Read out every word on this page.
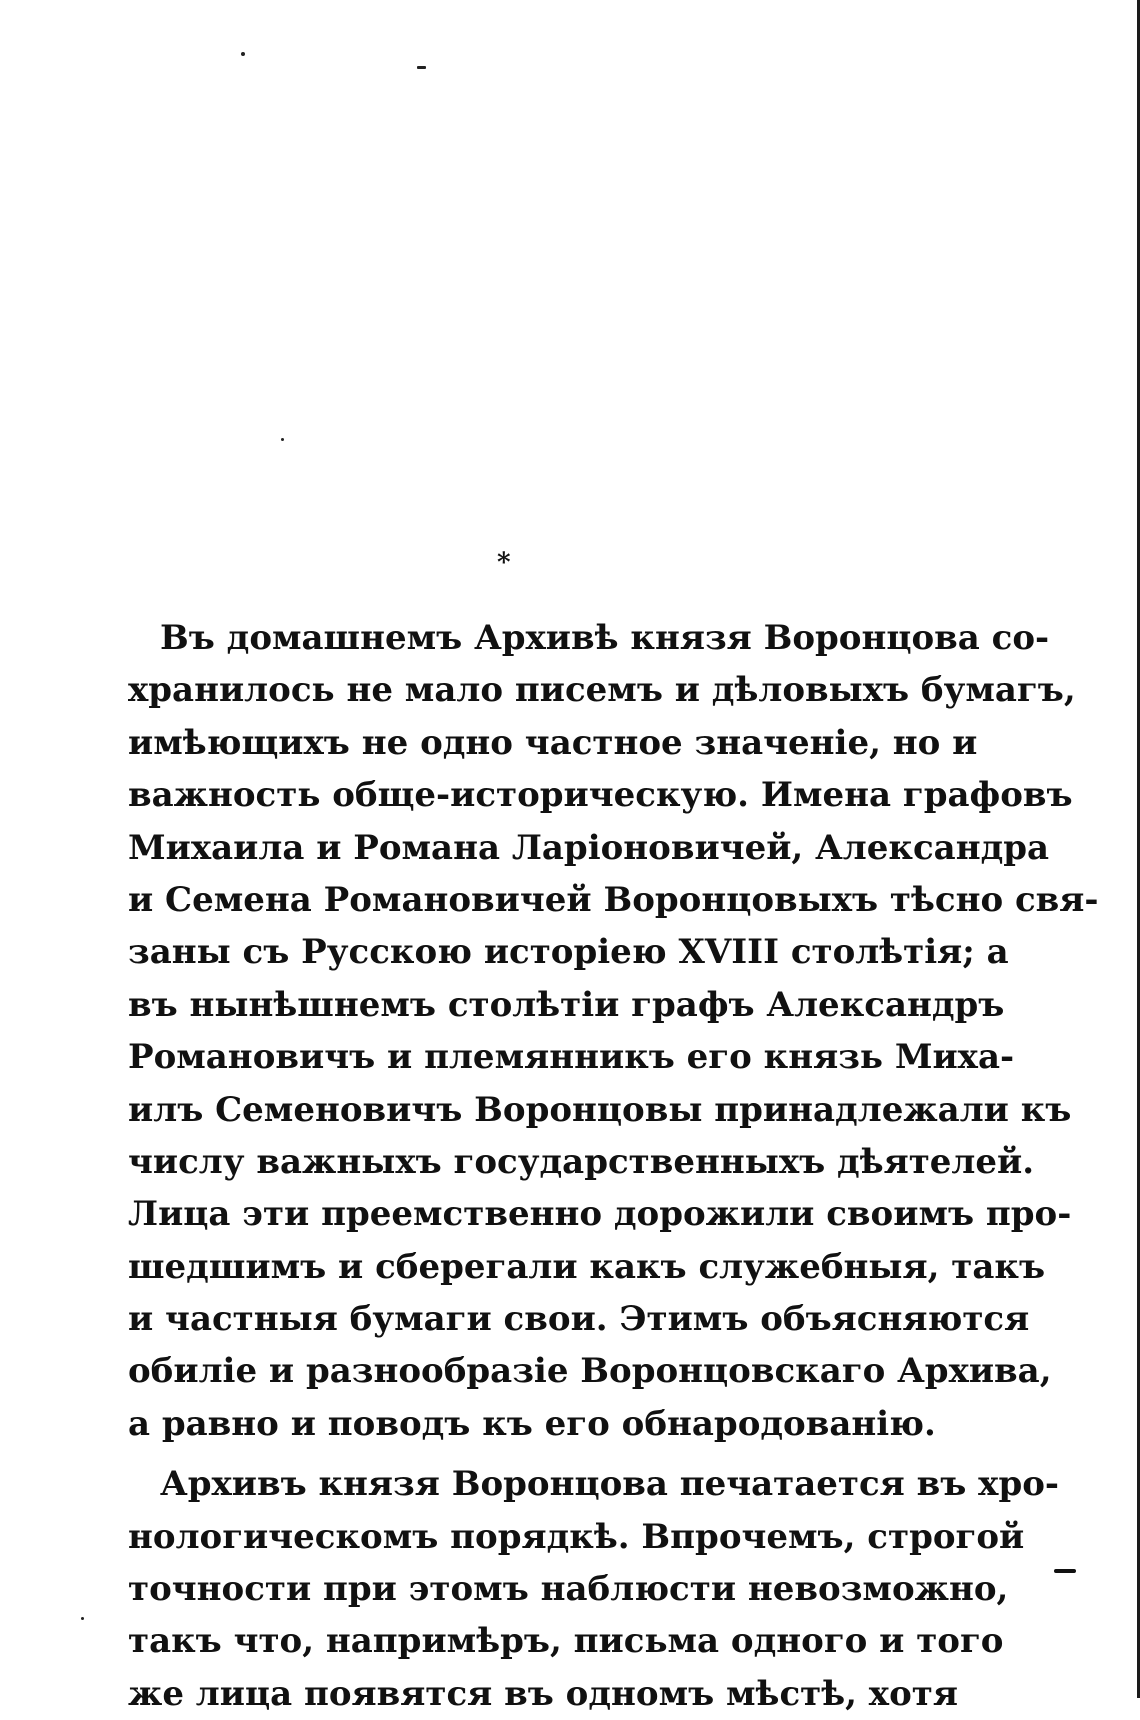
*
Въ домашнемъ Архивѣ князя Воронцова со-
хранилось не мало писемъ и дѣловыхъ бумагъ,
имѣющихъ не одно частное значенiе, но и
важность обще-историческую. Имена графовъ
Михаила и Романа Ларiоновичей, Александра
и Семена Романовичей Воронцовыхъ тѣсно свя-
заны съ Русскою исторiею XVIII столѣтiя; а
въ нынѣшнемъ столѣтiи графъ Александръ
Романовичъ и племянникъ его князь Миха-
илъ Семеновичъ Воронцовы принадлежали къ
числу важныхъ государственныхъ дѣятелей.
Лица эти преемственно дорожили своимъ про-
шедшимъ и сберегали какъ служебныя, такъ
и частныя бумаги свои. Этимъ объясняются
обилiе и разнообразiе Воронцовскаго Архива,
а равно и поводъ къ его обнародованiю.
Архивъ князя Воронцова печатается въ хро-
нологическомъ порядкѣ. Впрочемъ, строгой
точности при этомъ наблюсти невозможно,
такъ что, напримѣръ, письма одного и того
же лица появятся въ одномъ мѣстѣ, хотя
